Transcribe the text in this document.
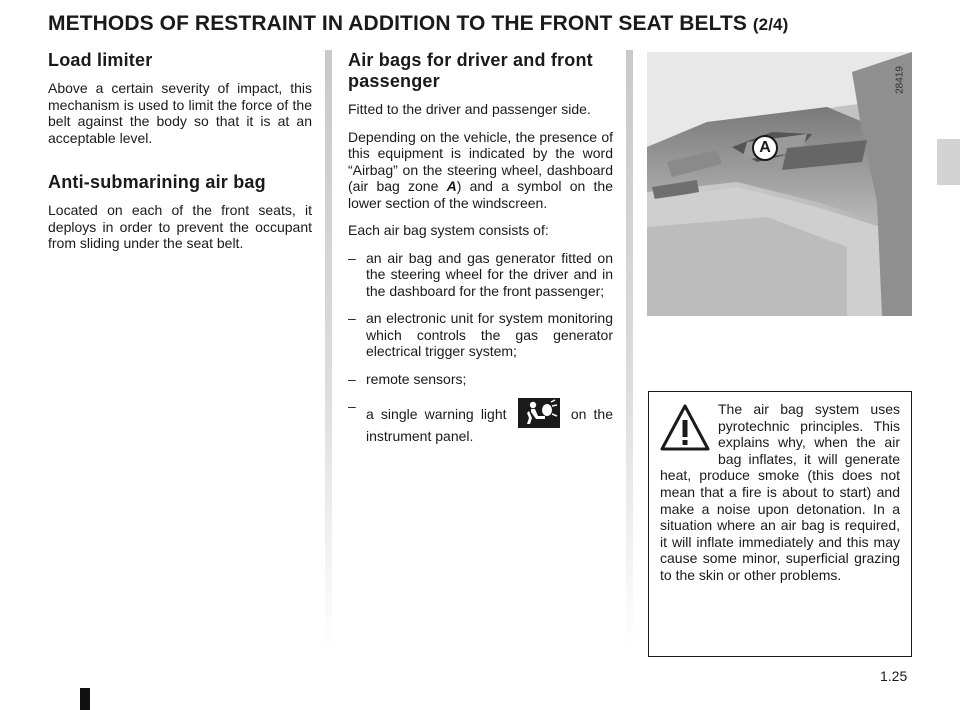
METHODS OF RESTRAINT IN ADDITION TO THE FRONT SEAT BELTS (2/4)
Load limiter

Above a certain severity of impact, this mechanism is used to limit the force of the belt against the body so that it is at an acceptable level.

Anti-submarining air bag

Located on each of the front seats, it deploys in order to prevent the occupant from sliding under the seat belt.

Air bags for driver and front passenger

Fitted to the driver and passenger side.

Depending on the vehicle, the presence of this equipment is indicated by the word “Airbag” on the steering wheel, dashboard (air bag zone A) and a symbol on the lower section of the windscreen.

Each air bag system consists of:

– an air bag and gas generator fitted on the steering wheel for the driver and in the dashboard for the front passenger;
– an electronic unit for system monitoring which controls the gas generator electrical trigger system;
– remote sensors;
– a single warning light	on the instrument panel.
28419
A
The air bag system uses pyrotechnic principles. This explains why, when the air bag inflates, it will generate heat, produce smoke (this does not mean that a fire is about to start) and make a noise upon detonation. In a situation where an air bag is required, it will inflate immediately and this may cause some minor, superficial grazing to the skin or other problems.
1.25
